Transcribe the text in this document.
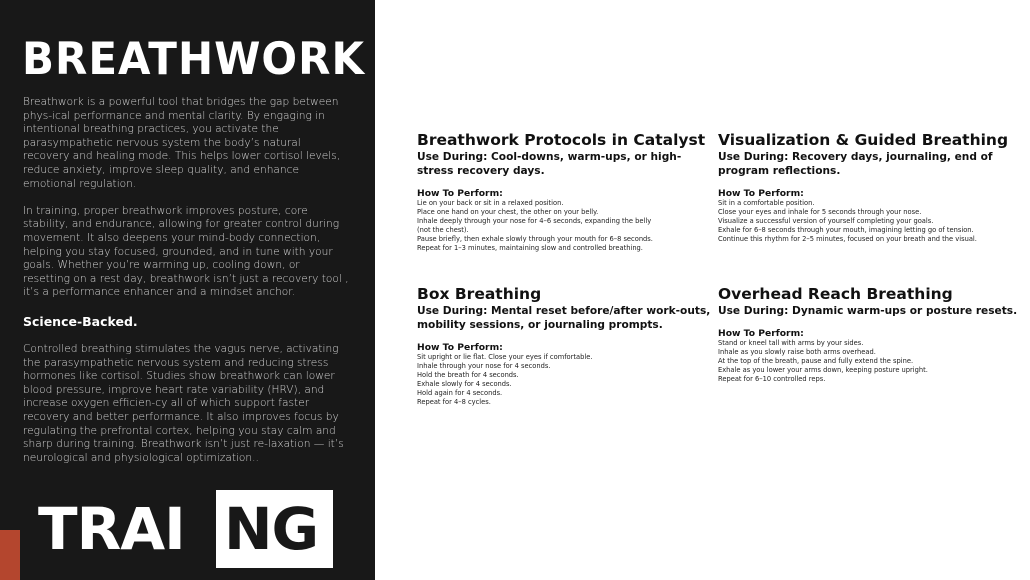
BREATHWORK

Breathwork is a powerful tool that bridges the gap between phys-ical performance and mental clarity. By engaging in intentional breathing practices, you activate the parasympathetic nervous system the body’s natural recovery and healing mode. This helps lower cortisol levels, reduce anxiety, improve sleep quality, and enhance emotional regulation.

In training, proper breathwork improves posture, core stability, and endurance, allowing for greater control during movement. It also deepens your mind-body connection, helping you stay focused, grounded, and in tune with your goals. Whether you’re warming up, cooling down, or resetting on a rest day, breathwork isn’t just a recovery tool , it’s a performance enhancer and a mindset anchor.

Science-Backed.

Controlled breathing stimulates the vagus nerve, activating the parasympathetic nervous system and reducing stress hormones like cortisol. Studies show breathwork can lower blood pressure, improve heart rate variability (HRV), and increase oxygen efficien-cy all of which support faster recovery and better performance. It also improves focus by regulating the prefrontal cortex, helping you stay calm and sharp during training. Breathwork isn’t just re-laxation — it’s neurological and physiological optimization..

TRAI NG
Breathwork Protocols in Catalyst

Use During: Cool-downs, warm-ups, or high-stress recovery days.

How To Perform:

Lie on your back or sit in a relaxed position.
Place one hand on your chest, the other on your belly.
Inhale deeply through your nose for 4–6 seconds, expanding the belly
(not the chest).
Pause briefly, then exhale slowly through your mouth for 6–8 seconds.
Repeat for 1–3 minutes, maintaining slow and controlled breathing.
Visualization & Guided Breathing

Use During: Recovery days, journaling, end of program reflections.

How To Perform:

Sit in a comfortable position.
Close your eyes and inhale for 5 seconds through your nose.
Visualize a successful version of yourself completing your goals.
Exhale for 6–8 seconds through your mouth, imagining letting go of tension.
Continue this rhythm for 2–5 minutes, focused on your breath and the visual.
Box Breathing

Use During: Mental reset before/after work-outs, mobility sessions, or journaling prompts.

How To Perform:

Sit upright or lie flat. Close your eyes if comfortable.
Inhale through your nose for 4 seconds.
Hold the breath for 4 seconds.
Exhale slowly for 4 seconds.
Hold again for 4 seconds.
Repeat for 4–8 cycles.
Overhead Reach Breathing

Use During: Dynamic warm-ups or posture resets.

How To Perform:

Stand or kneel tall with arms by your sides.
Inhale as you slowly raise both arms overhead.
At the top of the breath, pause and fully extend the spine.
Exhale as you lower your arms down, keeping posture upright.
Repeat for 6–10 controlled reps.
